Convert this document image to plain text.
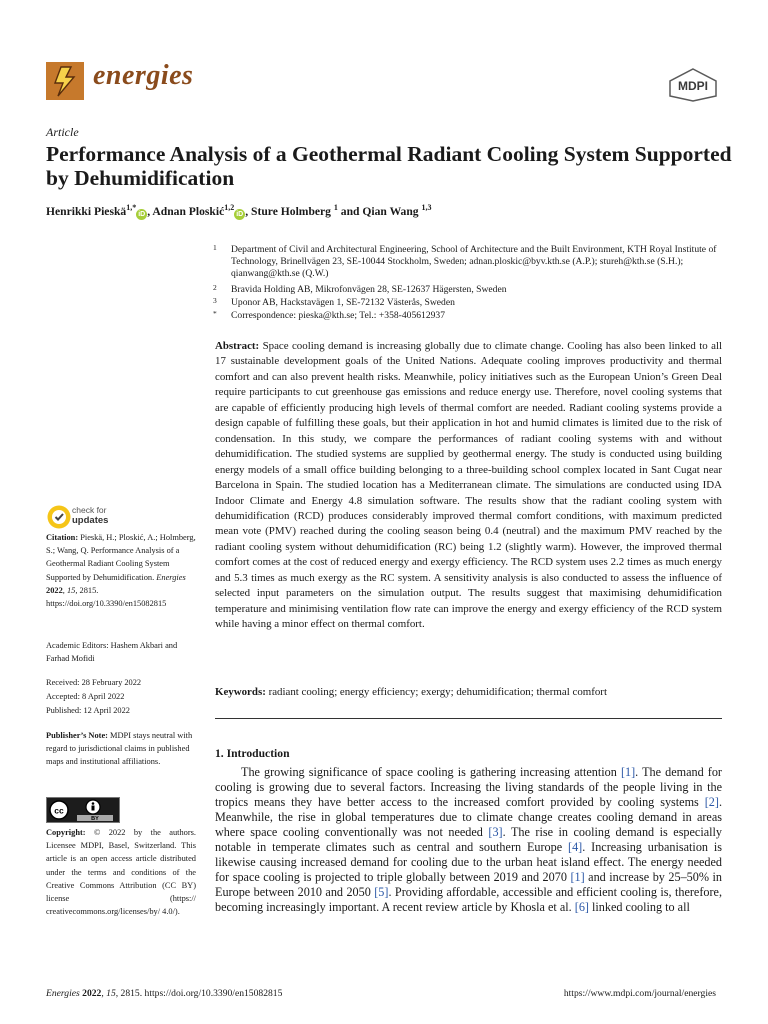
energies	MDPI
Article
Performance Analysis of a Geothermal Radiant Cooling System Supported by Dehumidification
Henrikki Pieskä$^{1,*}$iD , Adnan Ploskić$^{1,2}$iD , Sture Holmberg $^1$ and Qian Wang $^{1,3}$
1 Department of Civil and Architectural Engineering, School of Architecture and the Built Environment, KTH Royal Institute of Technology, Brinellvägen 23, SE-10044 Stockholm, Sweden; adnan.ploskic@byv.kth.se (A.P.); stureh@kth.se (S.H.); qianwang@kth.se (Q.W.)
2 Bravida Holding AB, Mikrofonvägen 28, SE-12637 Hägersten, Sweden
3 Uponor AB, Hackstavägen 1, SE-72132 Västerås, Sweden
* Correspondence: pieska@kth.se; Tel.: +358-405612937
Abstract: Space cooling demand is increasing globally due to climate change. Cooling has also been linked to all 17 sustainable development goals of the United Nations. Adequate cooling improves productivity and thermal comfort and can also prevent health risks. Meanwhile, policy initiatives such as the European Union’s Green Deal require participants to cut greenhouse gas emissions and reduce energy use. Therefore, novel cooling systems that are capable of efficiently producing high levels of thermal comfort are needed. Radiant cooling systems provide a design capable of fulfilling these goals, but their application in hot and humid climates is limited due to the risk of condensation. In this study, we compare the performances of radiant cooling systems with and without dehumidification. The studied systems are supplied by geothermal energy. The study is conducted using building energy models of a small office building belonging to a three-building school complex located in Sant Cugat near Barcelona in Spain. The studied location has a Mediterranean climate. The simulations are conducted using IDA Indoor Climate and Energy 4.8 simulation software. The results show that the radiant cooling system with dehumidification (RCD) produces considerably improved thermal comfort conditions, with maximum predicted mean vote (PMV) reached during the cooling season being 0.4 (neutral) and the maximum PMV reached by the radiant cooling system without dehumidification (RC) being 1.2 (slightly warm). However, the improved thermal comfort comes at the cost of reduced energy and exergy efficiency. The RCD system uses 2.2 times as much energy and 5.3 times as much exergy as the RC system. A sensitivity analysis is also conducted to assess the influence of selected input parameters on the simulation output. The results suggest that maximising dehumidification temperature and minimising ventilation flow rate can improve the energy and exergy efficiency of the RCD system while having a minor effect on thermal comfort.
Keywords: radiant cooling; energy efficiency; exergy; dehumidification; thermal comfort
1. Introduction
The growing significance of space cooling is gathering increasing attention [1]. The demand for cooling is growing due to several factors. Increasing the living standards of the people living in the tropics means they have better access to the increased comfort provided by cooling systems [2]. Meanwhile, the rise in global temperatures due to climate change creates cooling demand in areas where space cooling conventionally was not needed [3]. The rise in cooling demand is especially notable in temperate climates such as central and southern Europe [4]. Increasing urbanisation is likewise causing increased demand for cooling due to the urban heat island effect. The energy needed for space cooling is projected to triple globally between 2019 and 2070 [1] and increase by 25–50% in Europe between 2010 and 2050 [5]. Providing affordable, accessible and efficient cooling is, therefore, becoming increasingly important. A recent review article by Khosla et al. [6] linked cooling to all
check for
updates
Citation: Pieskä, H.; Ploskić, A.; Holmberg, S.; Wang, Q. Performance Analysis of a Geothermal Radiant Cooling System Supported by Dehumidification. Energies 2022, 15, 2815. https://doi.org/10.3390/en15082815
Academic Editors: Hashem Akbari and Farhad Mofidi
Received: 28 February 2022
Accepted: 8 April 2022
Published: 12 April 2022
Publisher’s Note: MDPI stays neutral with regard to jurisdictional claims in published maps and institutional affiliations.
cc
BY
Copyright: © 2022 by the authors. Licensee MDPI, Basel, Switzerland. This article is an open access article distributed under the terms and conditions of the Creative Commons Attribution (CC BY) license (https:// creativecommons.org/licenses/by/ 4.0/).
Energies 2022, 15, 2815. https://doi.org/10.3390/en15082815	https://www.mdpi.com/journal/energies
